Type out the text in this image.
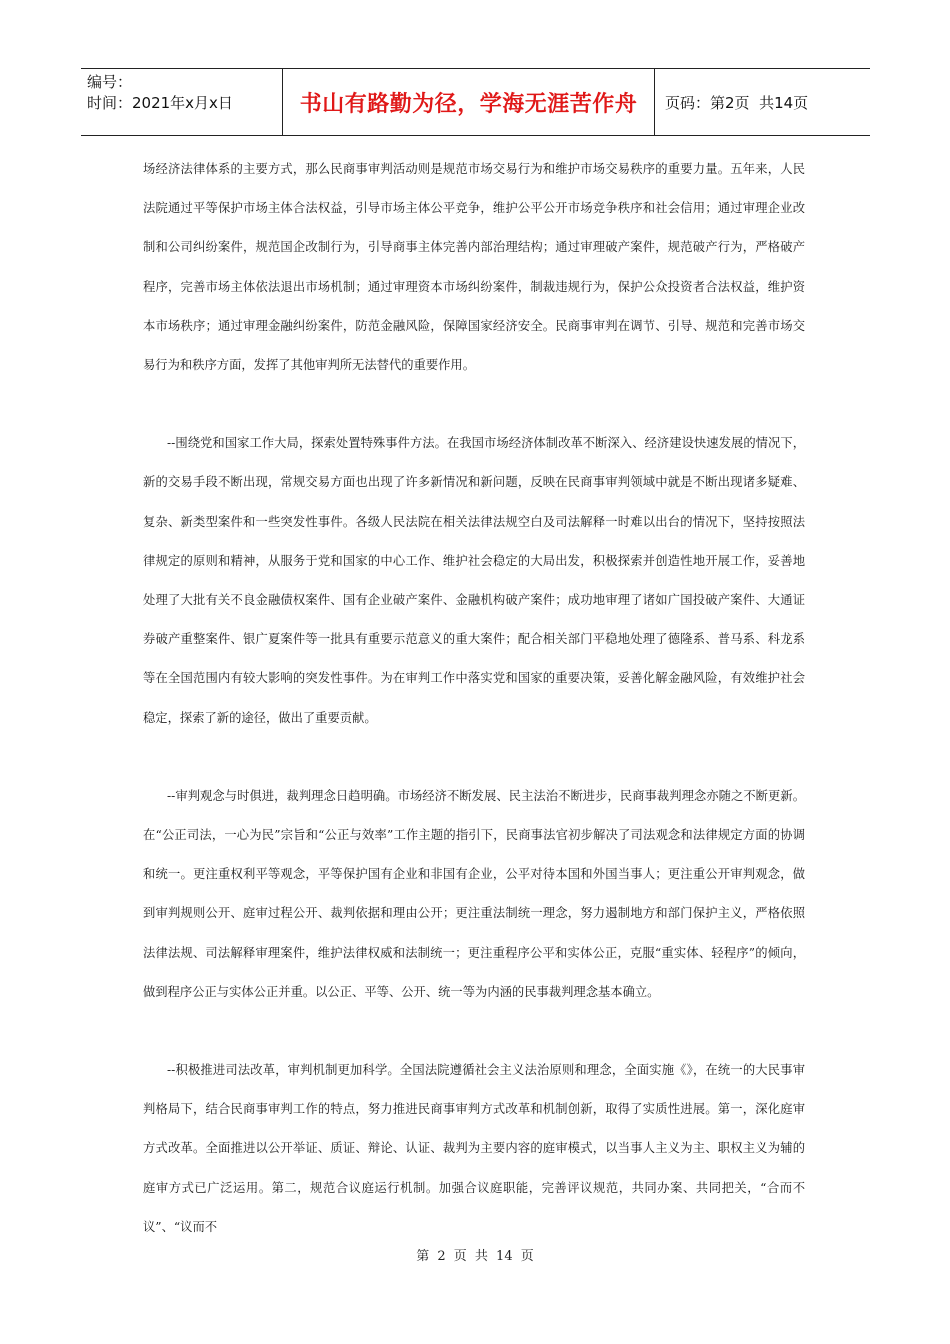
编号：
时间：2021年x月x日	书山有路勤为径，学海无涯苦作舟 页码：第2页  共14页

场经济法律体系的主要方式，那么民商事审判活动则是规范市场交易行为和维护市场交易秩序的重要力量。五年来，人民法院通过平等保护市场主体合法权益，引导市场主体公平竞争，维护公平公开市场竞争秩序和社会信用；通过审理企业改制和公司纠纷案件，规范国企改制行为，引导商事主体完善内部治理结构；通过审理破产案件，规范破产行为，严格破产程序，完善市场主体依法退出市场机制；通过审理资本市场纠纷案件，制裁违规行为，保护公众投资者合法权益，维护资本市场秩序；通过审理金融纠纷案件，防范金融风险，保障国家经济安全。民商事审判在调节、引导、规范和完善市场交易行为和秩序方面，发挥了其他审判所无法替代的重要作用。

--围绕党和国家工作大局，探索处置特殊事件方法。在我国市场经济体制改革不断深入、经济建设快速发展的情况下，新的交易手段不断出现，常规交易方面也出现了许多新情况和新问题，反映在民商事审判领域中就是不断出现诸多疑难、复杂、新类型案件和一些突发性事件。各级人民法院在相关法律法规空白及司法解释一时难以出台的情况下，坚持按照法律规定的原则和精神，从服务于党和国家的中心工作、维护社会稳定的大局出发，积极探索并创造性地开展工作，妥善地处理了大批有关不良金融债权案件、国有企业破产案件、金融机构破产案件；成功地审理了诸如广国投破产案件、大通证券破产重整案件、银广夏案件等一批具有重要示范意义的重大案件；配合相关部门平稳地处理了德隆系、普马系、科龙系等在全国范围内有较大影响的突发性事件。为在审判工作中落实党和国家的重要决策，妥善化解金融风险，有效维护社会稳定，探索了新的途径，做出了重要贡献。

--审判观念与时俱进，裁判理念日趋明确。市场经济不断发展、民主法治不断进步，民商事裁判理念亦随之不断更新。在“公正司法，一心为民”宗旨和“公正与效率”工作主题的指引下，民商事法官初步解决了司法观念和法律规定方面的协调和统一。更注重权利平等观念，平等保护国有企业和非国有企业，公平对待本国和外国当事人；更注重公开审判观念，做到审判规则公开、庭审过程公开、裁判依据和理由公开；更注重法制统一理念，努力遏制地方和部门保护主义，严格依照法律法规、司法解释审理案件，维护法律权威和法制统一；更注重程序公平和实体公正，克服“重实体、轻程序”的倾向，做到程序公正与实体公正并重。以公正、平等、公开、统一等为内涵的民事裁判理念基本确立。

--积极推进司法改革，审判机制更加科学。全国法院遵循社会主义法治原则和理念，全面实施《》，在统一的大民事审判格局下，结合民商事审判工作的特点，努力推进民商事审判方式改革和机制创新，取得了实质性进展。第一，深化庭审方式改革。全面推进以公开举证、质证、辩论、认证、裁判为主要内容的庭审模式，以当事人主义为主、职权主义为辅的庭审方式已广泛运用。第二，规范合议庭运行机制。加强合议庭职能，完善评议规范，共同办案、共同把关，“合而不议”、“议而不

第 2 页 共 14 页
